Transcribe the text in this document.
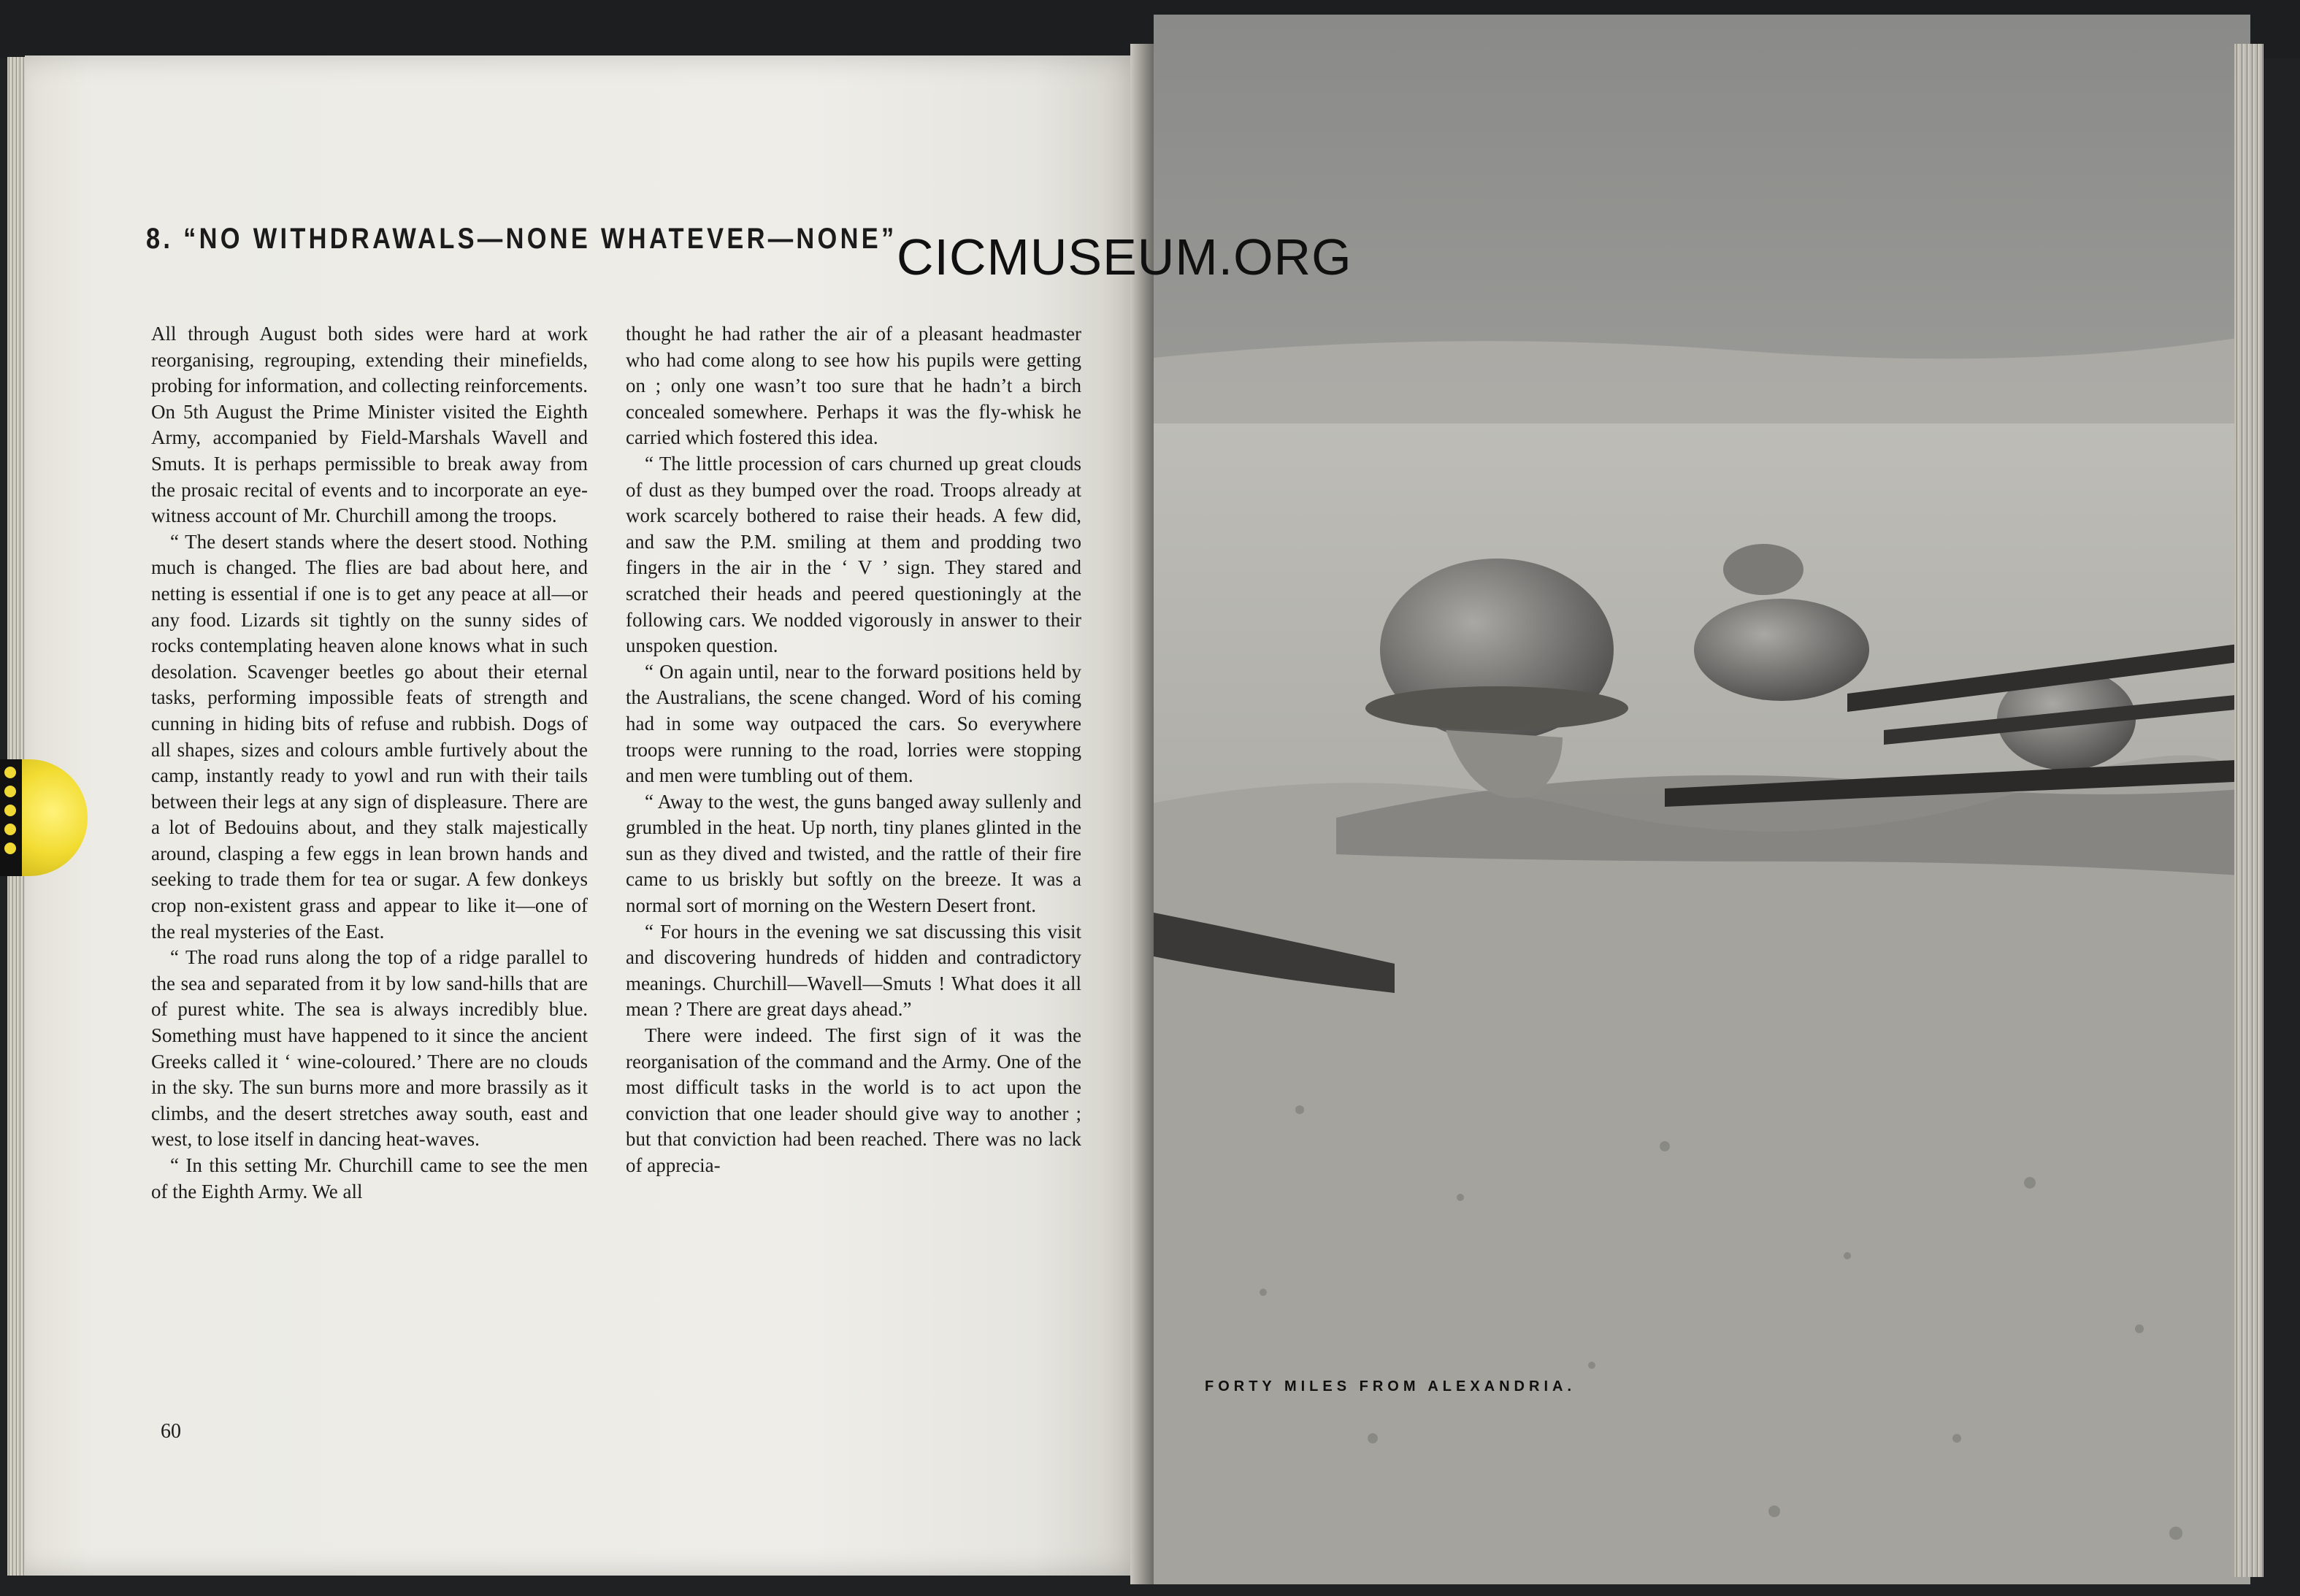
8. “NO WITHDRAWALS—NONE WHATEVER—NONE”

All through August both sides were hard at work reorganising, regrouping, extending their minefields, probing for information, and collecting reinforcements. On 5th August the Prime Minister visited the Eighth Army, accompanied by Field-Marshals Wavell and Smuts. It is perhaps permissible to break away from the prosaic recital of events and to incorporate an eye-witness account of Mr. Churchill among the troops.

“ The desert stands where the desert stood. Nothing much is changed. The flies are bad about here, and netting is essential if one is to get any peace at all—or any food. Lizards sit tightly on the sunny sides of rocks contemplating heaven alone knows what in such desolation. Scavenger beetles go about their eternal tasks, performing impossible feats of strength and cunning in hiding bits of refuse and rubbish. Dogs of all shapes, sizes and colours amble furtively about the camp, instantly ready to yowl and run with their tails between their legs at any sign of displeasure. There are a lot of Bedouins about, and they stalk majestically around, clasping a few eggs in lean brown hands and seeking to trade them for tea or sugar. A few donkeys crop non-existent grass and appear to like it—one of the real mysteries of the East.

“ The road runs along the top of a ridge parallel to the sea and separated from it by low sand-hills that are of purest white. The sea is always incredibly blue. Something must have happened to it since the ancient Greeks called it ‘ wine-coloured.’ There are no clouds in the sky. The sun burns more and more brassily as it climbs, and the desert stretches away south, east and west, to lose itself in dancing heat-waves.

“ In this setting Mr. Churchill came to see the men of the Eighth Army. We all

thought he had rather the air of a pleasant headmaster who had come along to see how his pupils were getting on ; only one wasn’t too sure that he hadn’t a birch concealed somewhere. Perhaps it was the fly-whisk he carried which fostered this idea.

“ The little procession of cars churned up great clouds of dust as they bumped over the road. Troops already at work scarcely bothered to raise their heads. A few did, and saw the P.M. smiling at them and prodding two fingers in the air in the ‘ V ’ sign. They stared and scratched their heads and peered questioningly at the following cars. We nodded vigorously in answer to their unspoken question.

“ On again until, near to the forward positions held by the Australians, the scene changed. Word of his coming had in some way outpaced the cars. So everywhere troops were running to the road, lorries were stopping and men were tumbling out of them.

“ Away to the west, the guns banged away sullenly and grumbled in the heat. Up north, tiny planes glinted in the sun as they dived and twisted, and the rattle of their fire came to us briskly but softly on the breeze. It was a normal sort of morning on the Western Desert front.

“ For hours in the evening we sat discussing this visit and discovering hundreds of hidden and contradictory meanings. Churchill—Wavell—Smuts ! What does it all mean ? There are great days ahead.”

There were indeed. The first sign of it was the reorganisation of the command and the Army. One of the most difficult tasks in the world is to act upon the conviction that one leader should give way to another ; but that conviction had been reached. There was no lack of apprecia-

60
FORTY MILES FROM ALEXANDRIA.
CICMUSEUM.ORG
